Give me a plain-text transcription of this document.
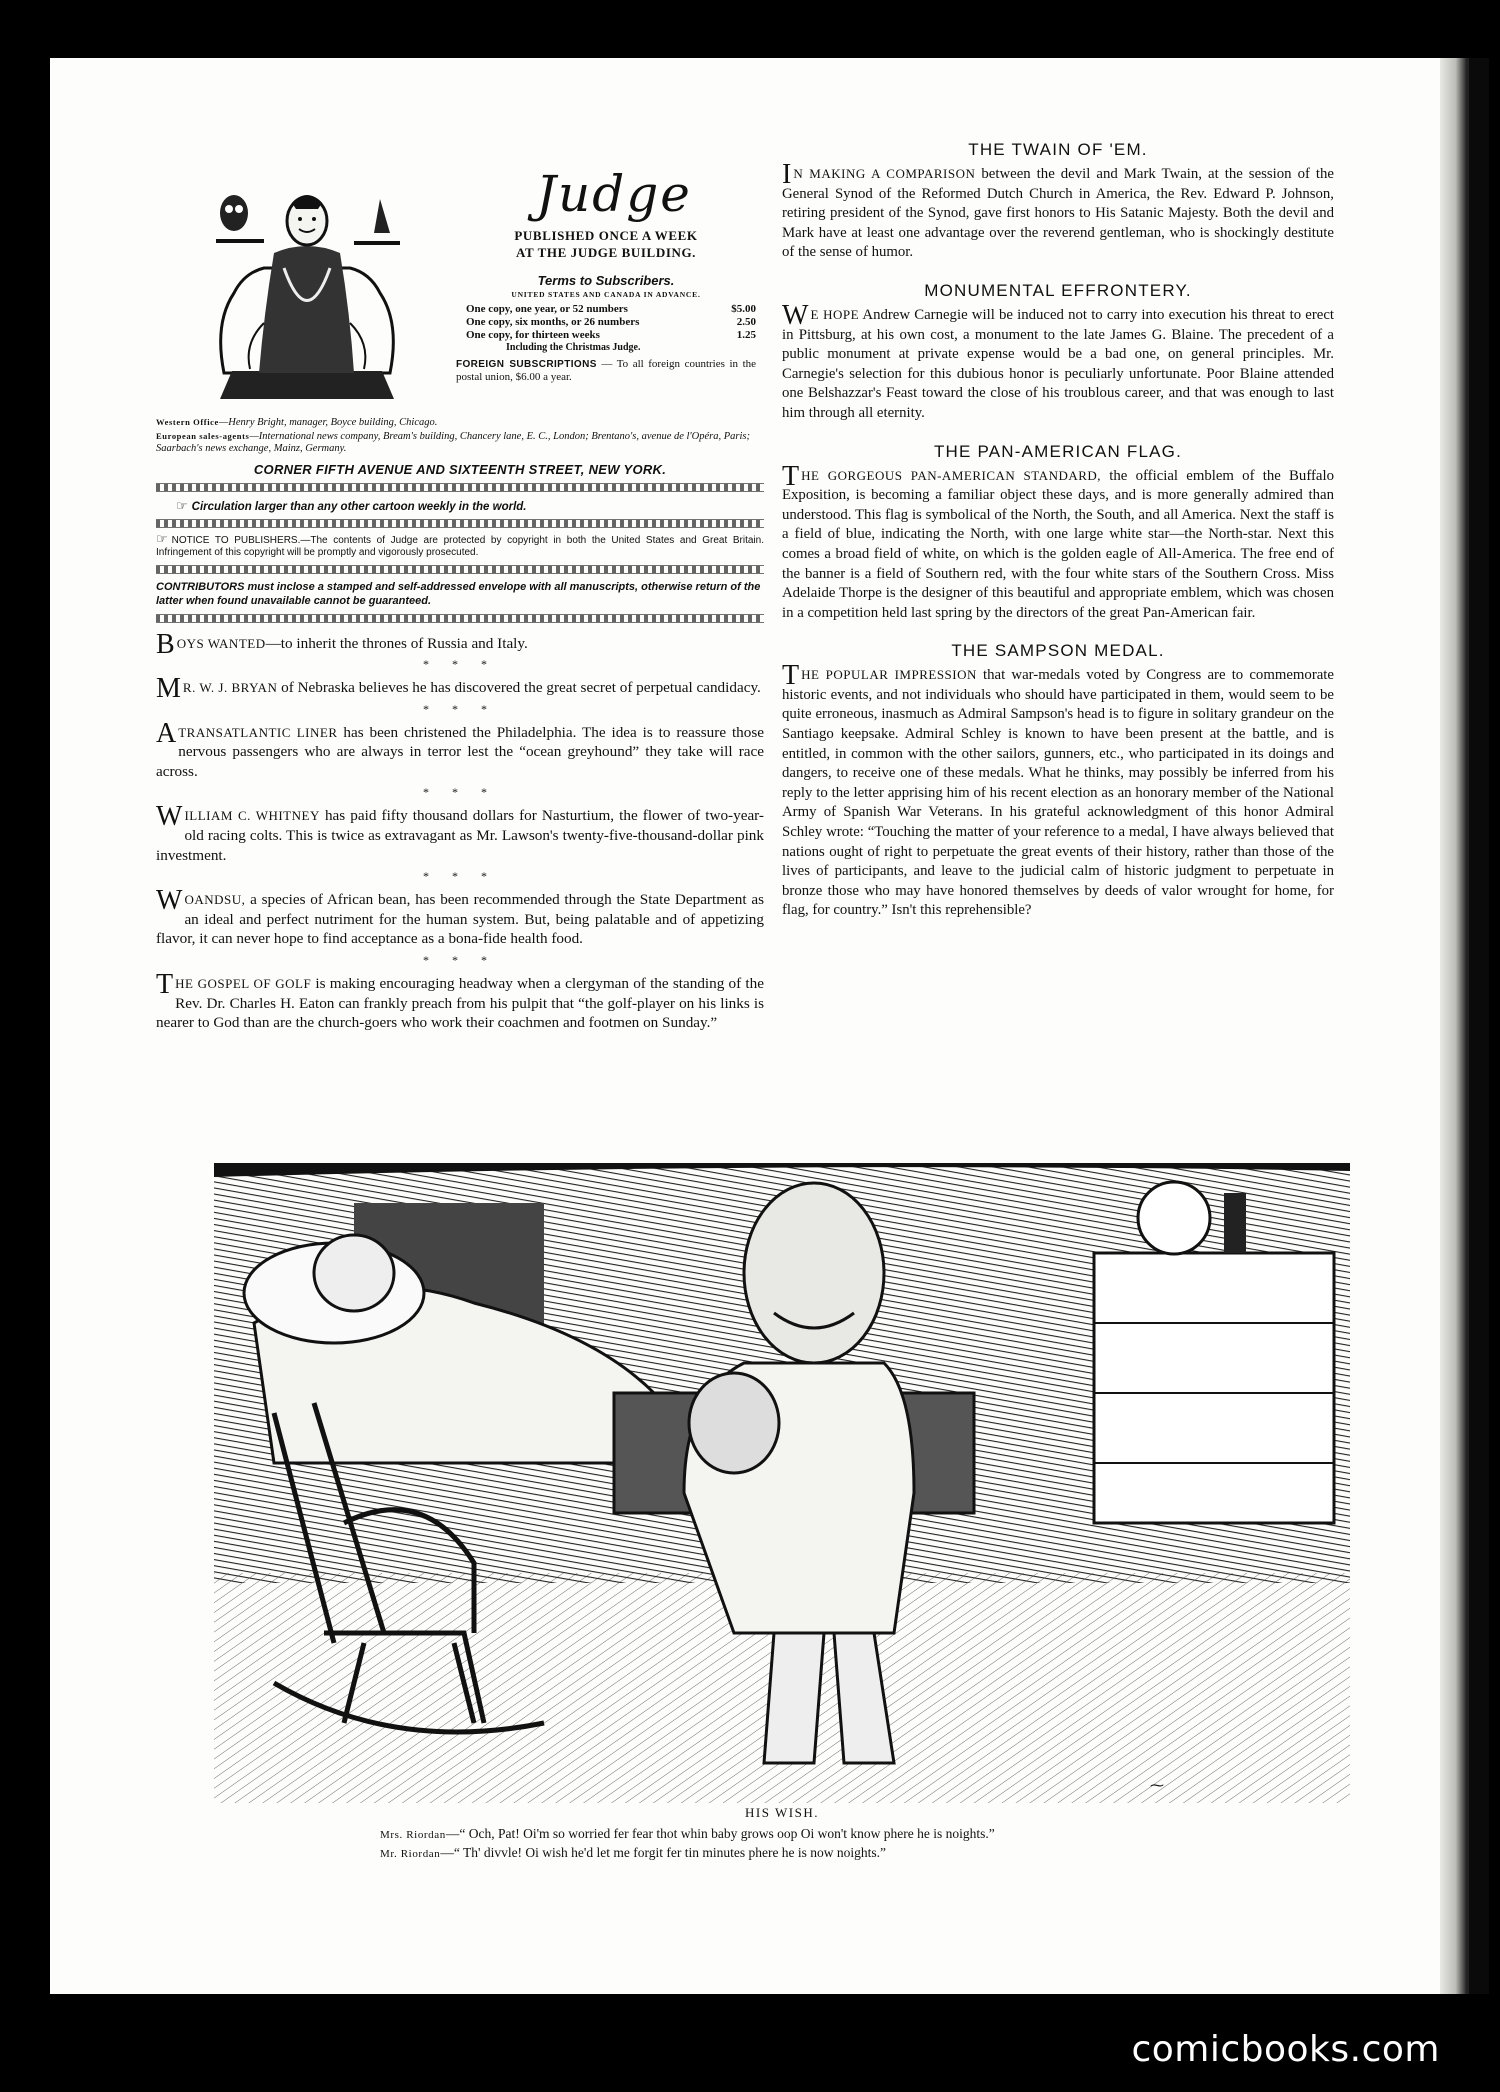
Judge
PUBLISHED ONCE A WEEK
AT THE JUDGE BUILDING.
Terms to Subscribers.
UNITED STATES AND CANADA IN ADVANCE.
One copy, one year, or 52 numbers	$5.00
One copy, six months, or 26 numbers	2.50
One copy, for thirteen weeks	1.25
Including the Christmas Judge.
FOREIGN SUBSCRIPTIONS — To all foreign countries in the postal union, $6.00 a year.
Western Office—Henry Bright, manager, Boyce building, Chicago.
European sales-agents—International news company, Bream's building, Chancery lane, E. C., London; Brentano's, avenue de l'Opéra, Paris; Saarbach's news exchange, Mainz, Germany.
CORNER FIFTH AVENUE AND SIXTEENTH STREET, NEW YORK.
☞ Circulation larger than any other cartoon weekly in the world.
☞ NOTICE TO PUBLISHERS.—The contents of Judge are protected by copyright in both the United States and Great Britain. Infringement of this copyright will be promptly and vigorously prosecuted.
CONTRIBUTORS must inclose a stamped and self-addressed envelope with all manuscripts, otherwise return of the latter when found unavailable cannot be guaranteed.

BOYS WANTED—to inherit the thrones of Russia and Italy.

* * *

M R. W. J. BRYAN of Nebraska believes he has discovered the great secret of perpetual candidacy.

* * *

A TRANSATLANTIC LINER has been christened the Philadelphia. The idea is to reassure those nervous passengers who are always in terror lest the “ocean greyhound” they take will race across.

* * *

WILLIAM C. WHITNEY has paid fifty thousand dollars for Nasturtium, the flower of two-year-old racing colts. This is twice as extravagant as Mr. Lawson's twenty-five-thousand-dollar pink investment.

* * *

WOANDSU, a species of African bean, has been recommended through the State Department as an ideal and perfect nutriment for the human system. But, being palatable and of appetizing flavor, it can never hope to find acceptance as a bona-fide health food.

* * *

THE GOSPEL OF GOLF is making encouraging headway when a clergyman of the standing of the Rev. Dr. Charles H. Eaton can frankly preach from his pulpit that “the golf-player on his links is nearer to God than are the church-goers who work their coachmen and footmen on Sunday.”

THE TWAIN OF 'EM.

I N MAKING A COMPARISON between the devil and Mark Twain, at the session of the General Synod of the Reformed Dutch Church in America, the Rev. Edward P. Johnson, retiring president of the Synod, gave first honors to His Satanic Majesty. Both the devil and Mark have at least one advantage over the reverend gentleman, who is shockingly destitute of the sense of humor.

MONUMENTAL EFFRONTERY.

W E HOPE Andrew Carnegie will be induced not to carry into execution his threat to erect in Pittsburg, at his own cost, a monument to the late James G. Blaine. The precedent of a public monument at private expense would be a bad one, on general principles. Mr. Carnegie's selection for this dubious honor is peculiarly unfortunate. Poor Blaine attended one Belshazzar's Feast toward the close of his troublous career, and that was enough to last him through all eternity.

THE PAN-AMERICAN FLAG.

THE GORGEOUS PAN-AMERICAN STANDARD, the official emblem of the Buffalo Exposition, is becoming a familiar object these days, and is more generally admired than understood. This flag is symbolical of the North, the South, and all America. Next the staff is a field of blue, indicating the North, with one large white star—the North-star. Next this comes a broad field of white, on which is the golden eagle of All-America. The free end of the banner is a field of Southern red, with the four white stars of the Southern Cross. Miss Adelaide Thorpe is the designer of this beautiful and appropriate emblem, which was chosen in a competition held last spring by the directors of the great Pan-American fair.

THE SAMPSON MEDAL.

THE POPULAR IMPRESSION that war-medals voted by Congress are to commemorate historic events, and not individuals who should have participated in them, would seem to be quite erroneous, inasmuch as Admiral Sampson's head is to figure in solitary grandeur on the Santiago keepsake. Admiral Schley is known to have been present at the battle, and is entitled, in common with the other sailors, gunners, etc., who participated in its doings and dangers, to receive one of these medals. What he thinks, may possibly be inferred from his reply to the letter apprising him of his recent election as an honorary member of the National Army of Spanish War Veterans. In his grateful acknowledgment of this honor Admiral Schley wrote: “Touching the matter of your reference to a medal, I have always believed that nations ought of right to perpetuate the great events of their history, rather than those of the lives of participants, and leave to the judicial calm of historic judgment to perpetuate in bronze those who may have honored themselves by deeds of valor wrought for home, for flag, for country.” Isn't this reprehensible?

⁓
HIS WISH.
Mrs. Riordan—“ Och, Pat! Oi'm so worried fer fear thot whin baby grows oop Oi won't know phere he is noights.”
Mr. Riordan—“ Th' divvle! Oi wish he'd let me forgit fer tin minutes phere he is now noights.”
comicbooks.com
